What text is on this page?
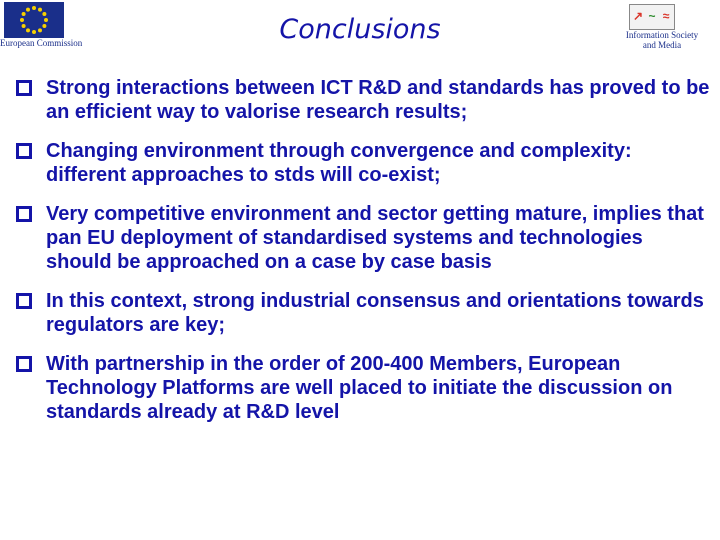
European Commission	Conclusions	↗ ~ ≈
Information Society
and Media
Strong interactions between ICT R&D and standards has proved to be an efficient way to valorise research results;
Changing environment through convergence and complexity: different approaches to stds will co-exist;
Very competitive environment and sector getting mature, implies that pan EU deployment of standardised systems and technologies should be approached on a case by case basis
In this context, strong industrial consensus and orientations towards regulators are key;
With partnership in the order of 200-400 Members, European Technology Platforms are well placed to initiate the discussion on standards already at R&D level
